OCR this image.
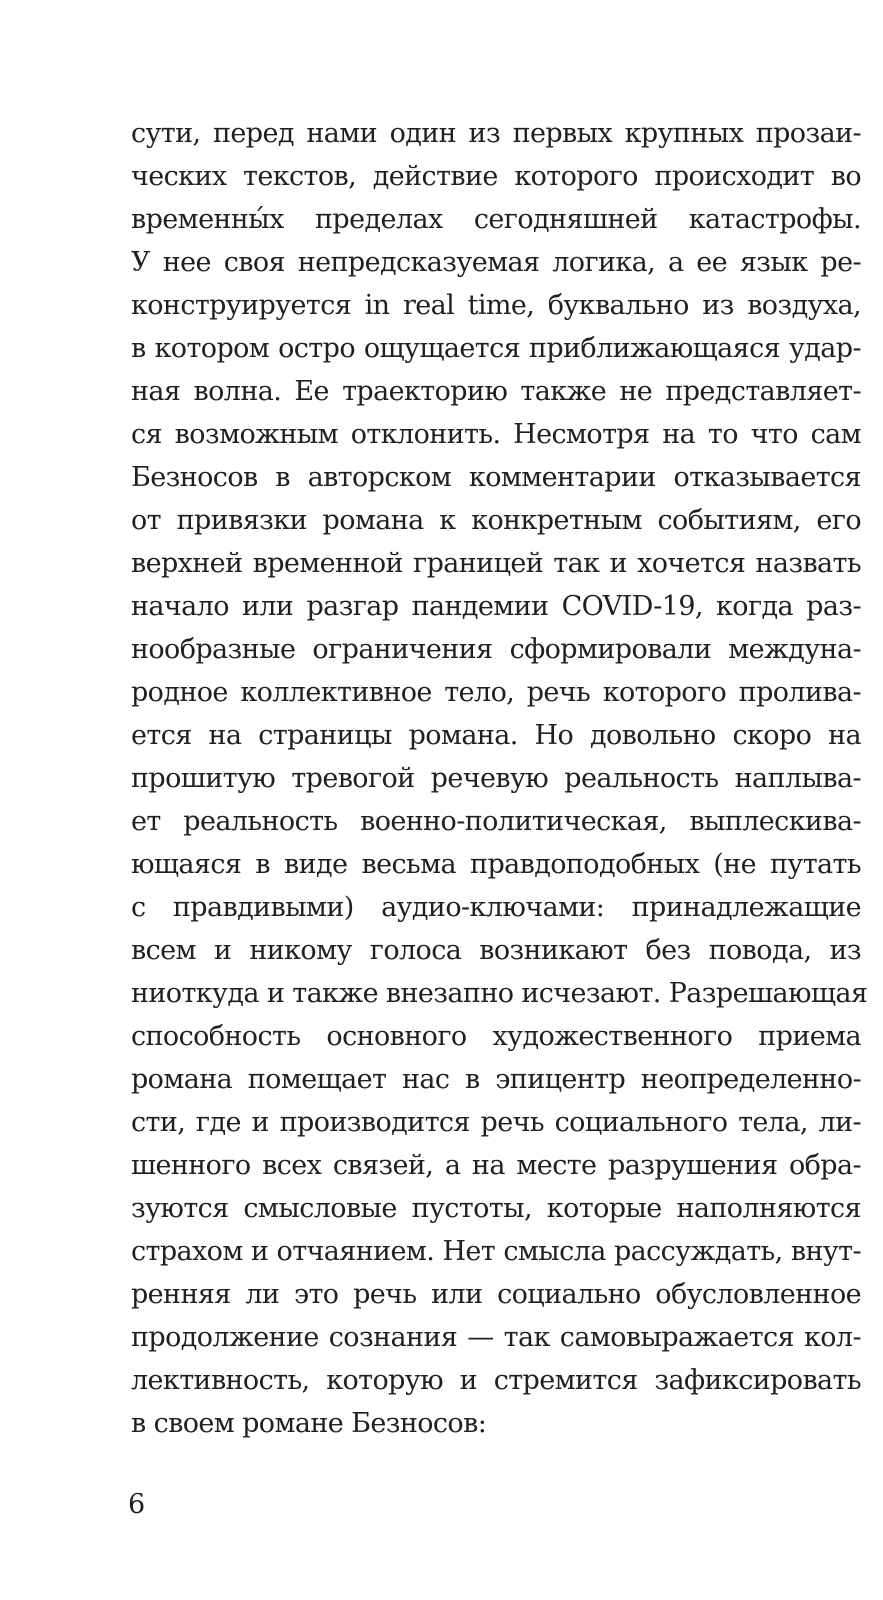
сути, перед нами один из первых крупных прозаи-
ческих текстов, действие которого происходит во
временны́х пределах сегодняшней катастрофы.
У нее своя непредсказуемая логика, а ее язык ре-
конструируется in real time, буквально из воздуха,
в котором остро ощущается приближающаяся удар-
ная волна. Ее траекторию также не представляет-
ся возможным отклонить. Несмотря на то что сам
Безносов в авторском комментарии отказывается
от привязки романа к конкретным событиям, его
верхней временной границей так и хочется назвать
начало или разгар пандемии COVID-19, когда раз-
нообразные ограничения сформировали междуна-
родное коллективное тело, речь которого пролива-
ется на страницы романа. Но довольно скоро на
прошитую тревогой речевую реальность наплыва-
ет реальность военно-политическая, выплескива-
ющаяся в виде весьма правдоподобных (не путать
с правдивыми) аудио-ключами: принадлежащие
всем и никому голоса возникают без повода, из
ниоткуда и также внезапно исчезают. Разрешающая
способность основного художественного приема
романа помещает нас в эпицентр неопределенно-
сти, где и производится речь социального тела, ли-
шенного всех связей, а на месте разрушения обра-
зуются смысловые пустоты, которые наполняются
страхом и отчаянием. Нет смысла рассуждать, внут-
ренняя ли это речь или социально обусловленное
продолжение сознания — так самовыражается кол-
лективность, которую и стремится зафиксировать
в своем романе Безносов:
6
